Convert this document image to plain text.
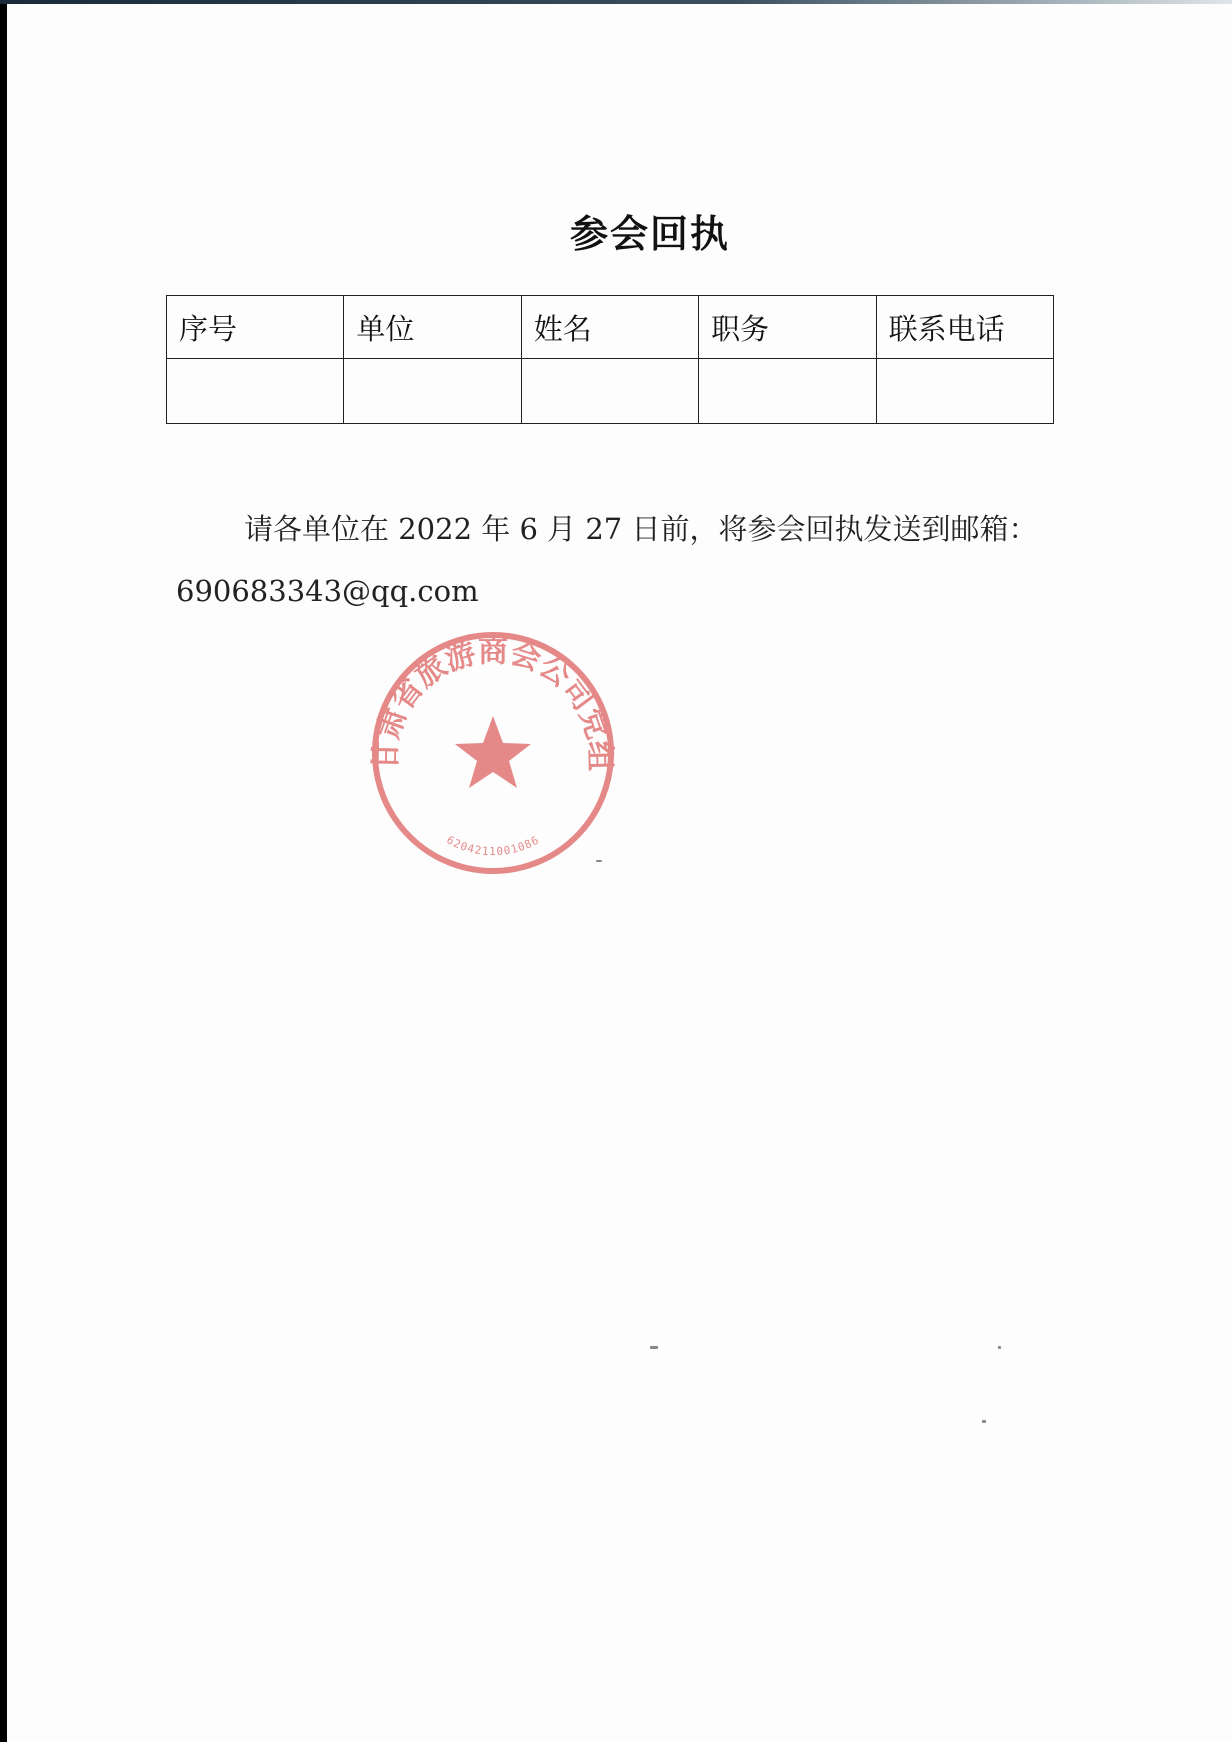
参会回执
序号	单位	姓名	职务	联系电话

请各单位在 2022 年 6 月 27 日前，将参会回执发送到邮箱：
690683343@qq.com
甘肃省旅游商会公司党组
6204211001086
